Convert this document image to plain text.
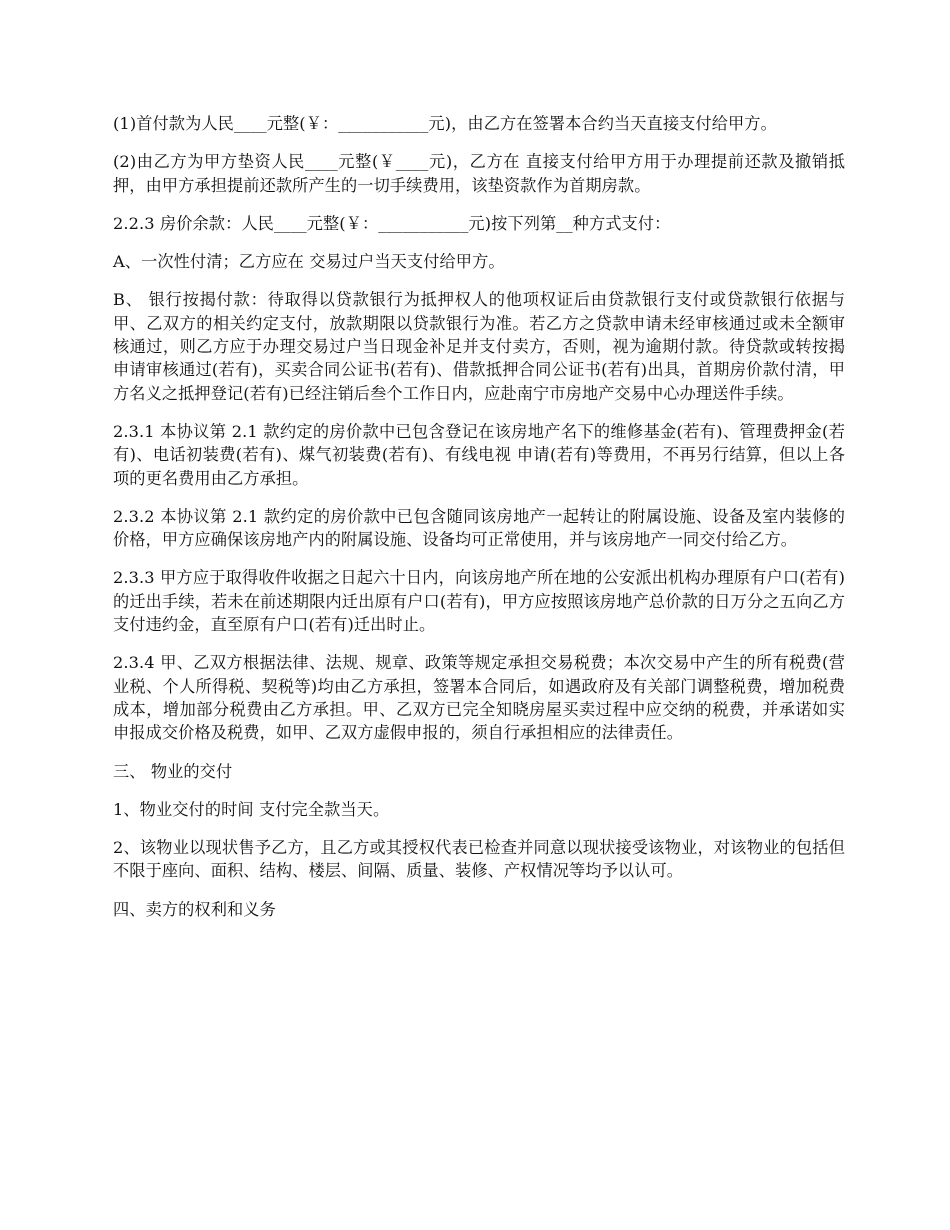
(1)首付款为人民____元整(￥：___________元)，由乙方在签署本合约当天直接支付给甲方。

(2)由乙方为甲方垫资人民____元整(￥____元)，乙方在 直接支付给甲方用于办理提前还款及撤销抵押，由甲方承担提前还款所产生的一切手续费用，该垫资款作为首期房款。

2.2.3 房价余款：人民____元整(￥：___________元)按下列第__种方式支付：

A、一次性付清；乙方应在 交易过户当天支付给甲方。

B、 银行按揭付款：待取得以贷款银行为抵押权人的他项权证后由贷款银行支付或贷款银行依据与甲、乙双方的相关约定支付，放款期限以贷款银行为准。若乙方之贷款申请未经审核通过或未全额审核通过，则乙方应于办理交易过户当日现金补足并支付卖方，否则，视为逾期付款。待贷款或转按揭申请审核通过(若有)，买卖合同公证书(若有)、借款抵押合同公证书(若有)出具，首期房价款付清，甲方名义之抵押登记(若有)已经注销后叁个工作日内，应赴南宁市房地产交易中心办理送件手续。

2.3.1 本协议第 2.1 款约定的房价款中已包含登记在该房地产名下的维修基金(若有)、管理费押金(若有)、电话初装费(若有)、煤气初装费(若有)、有线电视 申请(若有)等费用，不再另行结算，但以上各项的更名费用由乙方承担。

2.3.2 本协议第 2.1 款约定的房价款中已包含随同该房地产一起转让的附属设施、设备及室内装修的价格，甲方应确保该房地产内的附属设施、设备均可正常使用，并与该房地产一同交付给乙方。

2.3.3 甲方应于取得收件收据之日起六十日内，向该房地产所在地的公安派出机构办理原有户口(若有)的迁出手续，若未在前述期限内迁出原有户口(若有)，甲方应按照该房地产总价款的日万分之五向乙方支付违约金，直至原有户口(若有)迁出时止。

2.3.4 甲、乙双方根据法律、法规、规章、政策等规定承担交易税费；本次交易中产生的所有税费(营业税、个人所得税、契税等)均由乙方承担，签署本合同后，如遇政府及有关部门调整税费，增加税费成本，增加部分税费由乙方承担。甲、乙双方已完全知晓房屋买卖过程中应交纳的税费，并承诺如实申报成交价格及税费，如甲、乙双方虚假申报的，须自行承担相应的法律责任。

三、 物业的交付

1、物业交付的时间 支付完全款当天。

2、该物业以现状售予乙方，且乙方或其授权代表已检查并同意以现状接受该物业，对该物业的包括但不限于座向、面积、结构、楼层、间隔、质量、装修、产权情况等均予以认可。

四、卖方的权利和义务
